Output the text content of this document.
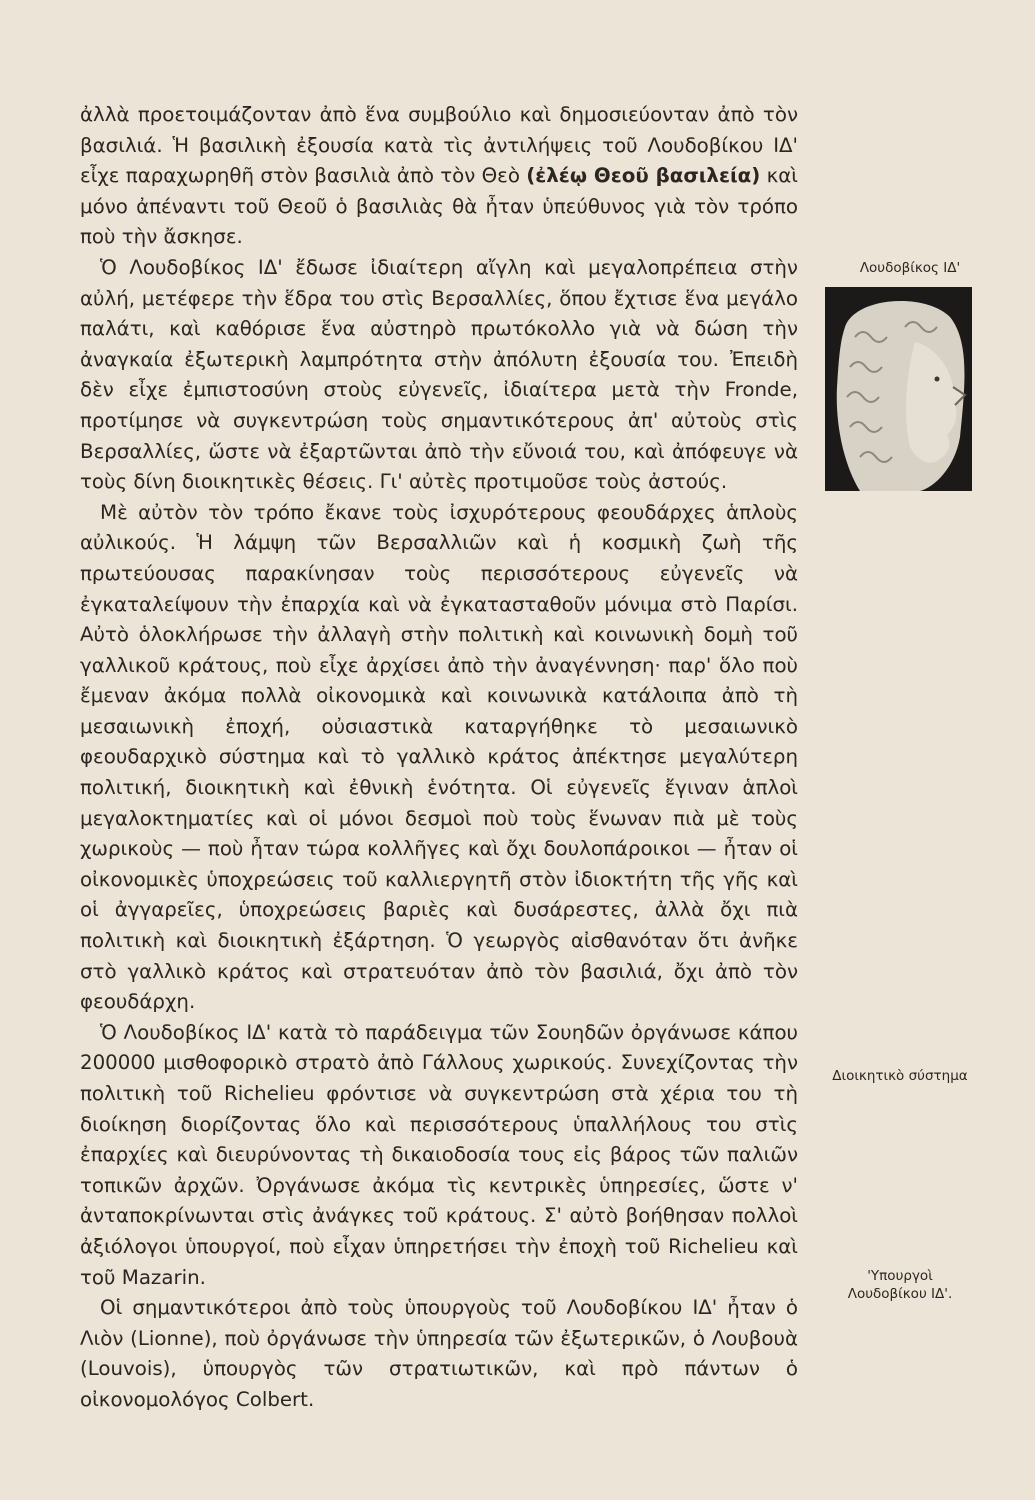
ἀλλὰ προετοιμάζονταν ἀπὸ ἕνα συμβούλιο καὶ δημοσιεύονταν ἀπὸ τὸν βασιλιά. Ἡ βασιλικὴ ἐξουσία κατὰ τὶς ἀντιλήψεις τοῦ Λουδοβίκου ΙΔ' εἶχε παραχωρηθῆ στὸν βασιλιὰ ἀπὸ τὸν Θεὸ (ἐλέῳ Θεοῦ βασιλεία) καὶ μόνο ἀπέναντι τοῦ Θεοῦ ὁ βασιλιὰς θὰ ἦταν ὑπεύθυνος γιὰ τὸν τρόπο ποὺ τὴν ἄσκησε.

Ὁ Λουδοβίκος ΙΔ' ἔδωσε ἰδιαίτερη αἴγλη καὶ μεγαλοπρέπεια στὴν αὐλή, μετέφερε τὴν ἕδρα του στὶς Βερσαλλίες, ὅπου ἔχτισε ἕνα μεγάλο παλάτι, καὶ καθόρισε ἕνα αὐστηρὸ πρωτόκολλο γιὰ νὰ δώση τὴν ἀναγκαία ἐξωτερικὴ λαμπρότητα στὴν ἀπόλυτη ἐξουσία του. Ἐπειδὴ δὲν εἶχε ἐμπιστοσύνη στοὺς εὐγενεῖς, ἰδιαίτερα μετὰ τὴν Fronde, προτίμησε νὰ συγκεντρώση τοὺς σημαντικότερους ἀπ' αὐτοὺς στὶς Βερσαλλίες, ὥστε νὰ ἐξαρτῶνται ἀπὸ τὴν εὔνοιά του, καὶ ἀπόφευγε νὰ τοὺς δίνη διοικητικὲς θέσεις. Γι' αὐτὲς προτιμοῦσε τοὺς ἀστούς.

Μὲ αὐτὸν τὸν τρόπο ἔκανε τοὺς ἰσχυρότερους φεουδάρχες ἁπλοὺς αὐλικούς. Ἡ λάμψη τῶν Βερσαλλιῶν καὶ ἡ κοσμικὴ ζωὴ τῆς πρωτεύουσας παρακίνησαν τοὺς περισσότερους εὐγενεῖς νὰ ἐγκαταλείψουν τὴν ἐπαρχία καὶ νὰ ἐγκατασταθοῦν μόνιμα στὸ Παρίσι. Αὐτὸ ὁλοκλήρωσε τὴν ἀλλαγὴ στὴν πολιτικὴ καὶ κοινωνικὴ δομὴ τοῦ γαλλικοῦ κράτους, ποὺ εἶχε ἀρχίσει ἀπὸ τὴν ἀναγέννηση· παρ' ὅλο ποὺ ἔμεναν ἀκόμα πολλὰ οἰκονομικὰ καὶ κοινωνικὰ κατάλοιπα ἀπὸ τὴ μεσαιωνικὴ ἐποχή, οὐσιαστικὰ καταργήθηκε τὸ μεσαιωνικὸ φεουδαρχικὸ σύστημα καὶ τὸ γαλλικὸ κράτος ἀπέκτησε μεγαλύτερη πολιτική, διοικητικὴ καὶ ἐθνικὴ ἑνότητα. Οἱ εὐγενεῖς ἔγιναν ἁπλοὶ μεγαλοκτηματίες καὶ οἱ μόνοι δεσμοὶ ποὺ τοὺς ἕνωναν πιὰ μὲ τοὺς χωρικοὺς — ποὺ ἦταν τώρα κολλῆγες καὶ ὄχι δουλοπάροικοι — ἦταν οἱ οἰκονομικὲς ὑποχρεώσεις τοῦ καλλιεργητῆ στὸν ἰδιοκτήτη τῆς γῆς καὶ οἱ ἀγγαρεῖες, ὑποχρεώσεις βαριὲς καὶ δυσάρεστες, ἀλλὰ ὄχι πιὰ πολιτικὴ καὶ διοικητικὴ ἐξάρτηση. Ὁ γεωργὸς αἰσθανόταν ὅτι ἀνῆκε στὸ γαλλικὸ κράτος καὶ στρατευόταν ἀπὸ τὸν βασιλιά, ὄχι ἀπὸ τὸν φεουδάρχη.

Ὁ Λουδοβίκος ΙΔ' κατὰ τὸ παράδειγμα τῶν Σουηδῶν ὀργάνωσε κάπου 200000 μισθοφορικὸ στρατὸ ἀπὸ Γάλλους χωρικούς. Συνεχίζοντας τὴν πολιτικὴ τοῦ Richelieu φρόντισε νὰ συγκεντρώση στὰ χέρια του τὴ διοίκηση διορίζοντας ὅλο καὶ περισσότερους ὑπαλλήλους του στὶς ἐπαρχίες καὶ διευρύνοντας τὴ δικαιοδοσία τους εἰς βάρος τῶν παλιῶν τοπικῶν ἀρχῶν. Ὀργάνωσε ἀκόμα τὶς κεντρικὲς ὑπηρεσίες, ὥστε ν' ἀνταποκρίνωνται στὶς ἀνάγκες τοῦ κράτους. Σ' αὐτὸ βοήθησαν πολλοὶ ἀξιόλογοι ὑπουργοί, ποὺ εἶχαν ὑπηρετήσει τὴν ἐποχὴ τοῦ Richelieu καὶ τοῦ Mazarin.

Οἱ σημαντικότεροι ἀπὸ τοὺς ὑπουργοὺς τοῦ Λουδοβίκου ΙΔ' ἦταν ὁ Λιὸν (Lionne), ποὺ ὀργάνωσε τὴν ὑπηρεσία τῶν ἐξωτερικῶν, ὁ Λουβουὰ (Louvois), ὑπουργὸς τῶν στρατιωτικῶν, καὶ πρὸ πάντων ὁ οἰκονομολόγος Colbert.

Λουδοβίκος ΙΔ'
Διοικητικὸ σύστημα
'Υπουργοὶ
Λουδοβίκου ΙΔ'.
